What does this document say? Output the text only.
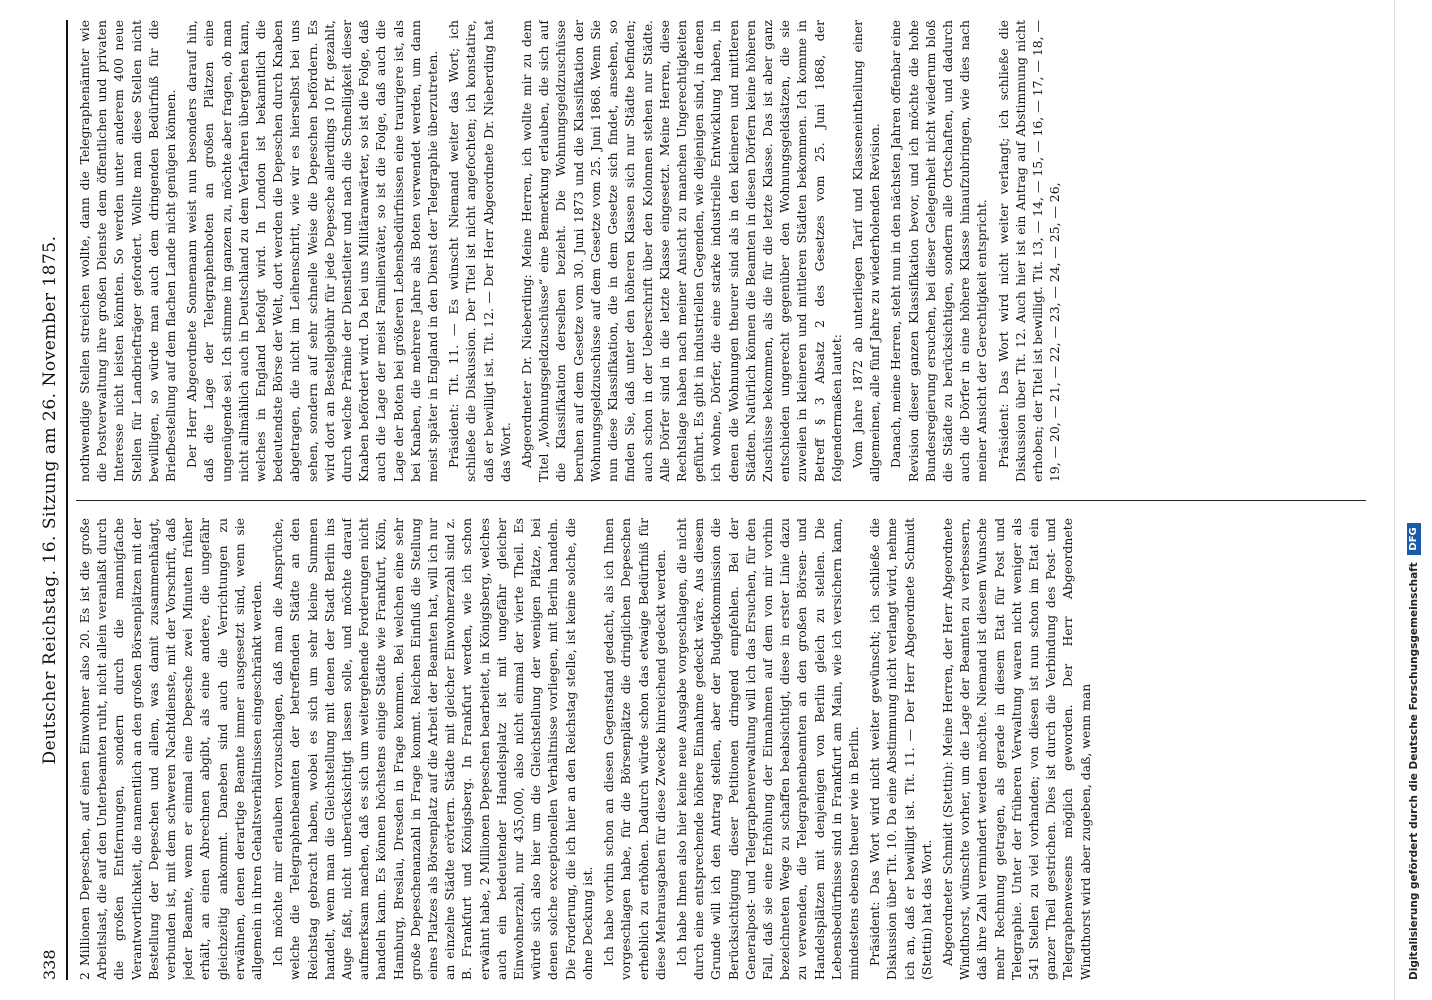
338
Deutscher Reichstag. 16. Sitzung am 26. November 1875. 2 Millionen Depeschen, auf einen Einwohner also 20. Es ist die große Arbeitslast, die auf den Unterbeamten ruht, nicht allein veranlaßt durch die großen Entfernungen, sondern durch die mannigfache Verantwortlichkeit, die namentlich an den großen Börsenplätzen mit der Bestellung der Depeschen und allem, was damit zusammenhängt, verbunden ist, mit dem schweren Nachtdienste, mit der Vorschrift, daß jeder Beamte, wenn er einmal eine Depesche zwei Minuten früher erhält, an einen Abrechnen abgibt, als eine andere, die ungefähr gleichzeitig ankommt. Daneben sind auch die Verrichtungen zu erwähnen, denen derartige Beamte immer ausgesetzt sind, wenn sie allgemein in ihren Gehaltsverhältnissen eingeschränkt werden. Ich möchte mir erlauben vorzuschlagen, daß man die Ansprüche, welche die Telegraphenbeamten der betreffenden Städte an den Reichstag gebracht haben, wobei es sich um sehr kleine Summen handelt, wenn man die Gleichstellung mit denen der Stadt Berlin ins Auge faßt, nicht unberücksichtigt lassen solle, und möchte darauf aufmerksam machen, daß es sich um weitergehende Forderungen nicht handeln kann. Es können höchstens einige Städte wie Frankfurt, Köln, Hamburg, Breslau, Dresden in Frage kommen. Bei welchen eine sehr große Depeschenanzahl in Frage kommt. Reichen Einfluß die Stellung eines Platzes als Börsenplatz auf die Arbeit der Beamten hat, will ich nur an einzelne Städte erörtern. Städte mit gleicher Einwohnerzahl sind z. B. Frankfurt und Königsberg. In Frankfurt werden, wie ich schon erwähnt habe, 2 Millionen Depeschen bearbeitet, in Königsberg, welches auch ein bedeutender Handelsplatz ist mit ungefähr gleicher Einwohnerzahl, nur 435,000, also nicht einmal der vierte Theil. Es würde sich also hier um die Gleichstellung der wenigen Plätze, bei denen solche exceptionellen Verhältnisse vorliegen, mit Berlin handeln. Die Forderung, die ich hier an den Reichstag stelle, ist keine solche, die ohne Deckung ist. Ich habe vorhin schon an diesen Gegenstand gedacht, als ich Ihnen vorgeschlagen habe, für die Börsenplätze die dringlichen Depeschen erheblich zu erhöhen. Dadurch würde schon das etwaige Bedürfniß für diese Mehrausgaben für diese Zwecke hinreichend gedeckt werden. Ich habe Ihnen also hier keine neue Ausgabe vorgeschlagen, die nicht durch eine entsprechende höhere Einnahme gedeckt wäre. Aus diesem Grunde will ich den Antrag stellen, aber der Budgetkommission die Berücksichtigung dieser Petitionen dringend empfehlen. Bei der Generalpost- und Telegraphenverwaltung will ich das Ersuchen, für den Fall, daß sie eine Erhöhung der Einnahmen auf dem von mir vorhin bezeichneten Wege zu schaffen beabsichtigt, diese in erster Linie dazu zu verwenden, die Telegraphenbeamten an den großen Börsen- und Handelsplätzen mit denjenigen von Berlin gleich zu stellen. Die Lebensbedürfnisse sind in Frankfurt am Main, wie ich versichern kann, mindestens ebenso theuer wie in Berlin. Präsident: Das Wort wird nicht weiter gewünscht; ich schließe die Diskussion über Tit. 10. Da eine Abstimmung nicht verlangt wird, nehme ich an, daß er bewilligt ist. Tit. 11. — Der Herr Abgeordnete Schmidt (Stettin) hat das Wort. Abgeordneter Schmidt (Stettin): Meine Herren, der Herr Abgeordnete Windthorst, wünschte vorher, um die Lage der Beamten zu verbessern, daß ihre Zahl vermindert werden möchte. Niemand ist diesem Wunsche mehr Rechnung getragen, als gerade in diesem Etat für Post und Telegraphie. Unter der früheren Verwaltung waren nicht weniger als 541 Stellen zu viel vorhanden; von diesen ist nun schon im Etat ein ganzer Theil gestrichen. Dies ist durch die Verbindung des Post- und Telegraphenwesens möglich geworden. Der Herr Abgeordnete Windthorst wird aber zugeben, daß, wenn man

nothwendige Stellen streichen wollte, dann die Telegraphenämter wie die Postverwaltung ihre großen Dienste dem öffentlichen und privaten Interesse nicht leisten könnten. So werden unter anderem 400 neue Stellen für Landbriefträger gefordert. Wollte man diese Stellen nicht bewilligen, so würde man auch dem dringenden Bedürfniß für die Briefbestellung auf dem flachen Lande nicht genügen können. Der Herr Abgeordnete Sonnemann weist nun besonders darauf hin, daß die Lage der Telegraphenboten an großen Plätzen eine ungenügende sei. Ich stimme im ganzen zu, möchte aber fragen, ob man nicht allmählich auch in Deutschland zu dem Verfahren übergehen kann, welches in England befolgt wird. In London ist bekanntlich die bedeutendste Börse der Welt, dort werden die Depeschen durch Knaben abgetragen, die nicht im Leihenschritt, wie wir es hierselbst bei uns sehen, sondern auf sehr schnelle Weise die Depeschen befördern. Es wird dort an Bestellgebühr für jede Depesche allerdings 10 Pf. gezahlt, durch welche Prämie der Dienstleiter und nach die Schnelligkeit dieser Knaben befördert wird. Da bei uns Militäranwärter, so ist die Folge, daß auch die Lage der meist Familienväter, so ist die Folge, daß auch die Lage der Boten bei größeren Lebensbedürfnissen eine traurigere ist, als bei Knaben, die mehrere Jahre als Boten verwendet werden, um dann meist später in England in den Dienst der Telegraphie überzutreten. Präsident: Tit. 11. — Es wünscht Niemand weiter das Wort; ich schließe die Diskussion. Der Titel ist nicht angefochten; ich konstatire, daß er bewilligt ist. Tit. 12. — Der Herr Abgeordnete Dr. Nieberding hat das Wort. Abgeordneter Dr. Nieberding: Meine Herren, ich wollte mir zu dem Titel „Wohnungsgeldzuschüsse“ eine Bemerkung erlauben, die sich auf die Klassifikation derselben bezieht. Die Wohnungsgeldzuschüsse beruhen auf dem Gesetze vom 30. Juni 1873 und die Klassifikation der Wohnungsgeldzuschüsse auf dem Gesetze vom 25. Juni 1868. Wenn Sie nun diese Klassifikation, die in dem Gesetze sich findet, ansehen, so finden Sie, daß unter den höheren Klassen sich nur Städte befinden; auch schon in der Ueberschrift über den Kolonnen stehen nur Städte. Alle Dörfer sind in die letzte Klasse eingesetzt. Meine Herren, diese Rechtslage haben nach meiner Ansicht zu manchen Ungerechtigkeiten geführt. Es gibt in industriellen Gegenden, wie diejenigen sind, in denen ich wohne, Dörfer, die eine starke industrielle Entwicklung haben, in denen die Wohnungen theurer sind als in den kleineren und mittleren Städten. Natürlich können die Beamten in diesen Dörfern keine höheren Zuschüsse bekommen, als die für die letzte Klasse. Das ist aber ganz entschieden ungerecht gegenüber den Wohnungsgeldsätzen, die sie zuweilen in kleineren und mittleren Städten bekommen. Ich komme in Betreff § 3 Absatz 2 des Gesetzes vom 25. Juni 1868, der folgendermaßen lautet: Vom Jahre 1872 ab unterliegen Tarif und Klasseneintheilung einer allgemeinen, alle fünf Jahre zu wiederholenden Revision. Danach, meine Herren, steht nun in den nächsten Jahren offenbar eine Revision dieser ganzen Klassifikation bevor, und ich möchte die hohe Bundesregierung ersuchen, bei dieser Gelegenheit nicht wiederum bloß die Städte zu berücksichtigen, sondern alle Ortschaften, und dadurch auch die Dörfer in eine höhere Klasse hinaufzubringen, wie dies nach meiner Ansicht der Gerechtigkeit entspricht. Präsident: Das Wort wird nicht weiter verlangt; ich schließe die Diskussion über Tit. 12. Auch hier ist ein Antrag auf Abstimmung nicht erhoben; der Titel ist bewilligt. Tit. 13, — 14, — 15, — 16, — 17, — 18, — 19, — 20, — 21, — 22, — 23, — 24, — 25, — 26,

Digitalisierung gefördert durch die Deutsche Forschungsgemeinschaft DFG
